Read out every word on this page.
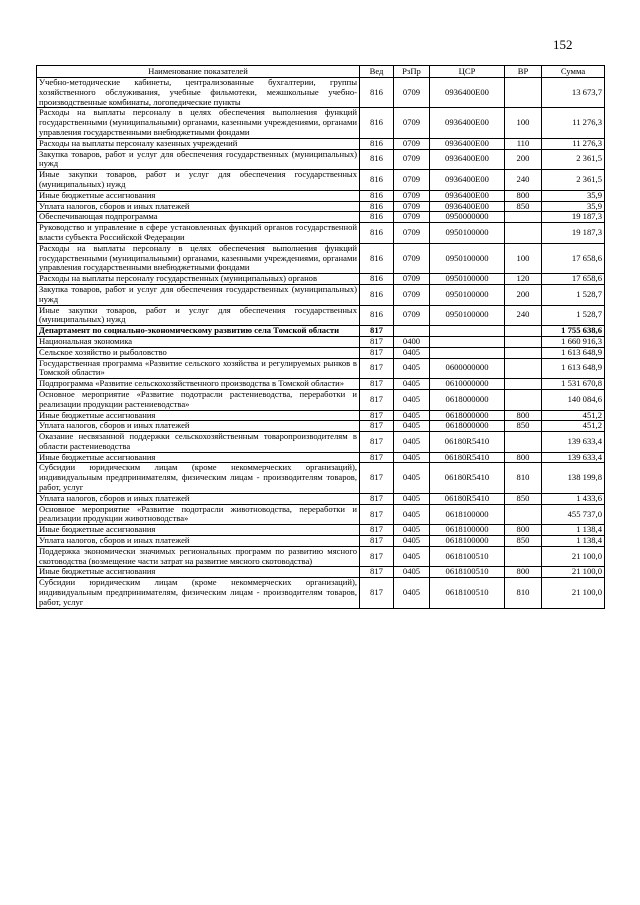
152
Наименование показателей	Вед	РзПр	ЦСР	ВР	Сумма
Учебно-методические кабинеты, централизованные бухгалтерии, группы хозяйственного обслуживания, учебные фильмотеки, межшкольные учебно-производственные комбинаты, логопедические пункты	816	0709	0936400E00		13 673,7
Расходы на выплаты персоналу в целях обеспечения выполнения функций государственными (муниципальными) органами, казенными учреждениями, органами управления государственными внебюджетными фондами	816	0709	0936400E00	100	11 276,3
Расходы на выплаты персоналу казенных учреждений	816	0709	0936400E00	110	11 276,3
Закупка товаров, работ и услуг для обеспечения государственных (муниципальных) нужд	816	0709	0936400E00	200	2 361,5
Иные закупки товаров, работ и услуг для обеспечения государственных (муниципальных) нужд	816	0709	0936400E00	240	2 361,5
Иные бюджетные ассигнования	816	0709	0936400E00	800	35,9
Уплата налогов, сборов и иных платежей	816	0709	0936400E00	850	35,9
Обеспечивающая подпрограмма	816	0709	0950000000		19 187,3
Руководство и управление в сфере установленных функций органов государственной власти субъекта Российской Федерации	816	0709	0950100000		19 187,3
Расходы на выплаты персоналу в целях обеспечения выполнения функций государственными (муниципальными) органами, казенными учреждениями, органами управления государственными внебюджетными фондами	816	0709	0950100000	100	17 658,6
Расходы на выплаты персоналу государственных (муниципальных) органов	816	0709	0950100000	120	17 658,6
Закупка товаров, работ и услуг для обеспечения государственных (муниципальных) нужд	816	0709	0950100000	200	1 528,7
Иные закупки товаров, работ и услуг для обеспечения государственных (муниципальных) нужд	816	0709	0950100000	240	1 528,7
Департамент по социально-экономическому развитию села Томской области	817				1 755 638,6
Национальная экономика	817	0400			1 660 916,3
Сельское хозяйство и рыболовство	817	0405			1 613 648,9
Государственная программа «Развитие сельского хозяйства и регулируемых рынков в Томской области»	817	0405	0600000000		1 613 648,9
Подпрограмма «Развитие сельскохозяйственного производства в Томской области»	817	0405	0610000000		1 531 670,8
Основное мероприятие «Развитие подотрасли растениеводства, переработки и реализации продукции растениеводства»	817	0405	0618000000		140 084,6
Иные бюджетные ассигнования	817	0405	0618000000	800	451,2
Уплата налогов, сборов и иных платежей	817	0405	0618000000	850	451,2
Оказание несвязанной поддержки сельскохозяйственным товаропроизводителям в области растениеводства	817	0405	06180R5410		139 633,4
Иные бюджетные ассигнования	817	0405	06180R5410	800	139 633,4
Субсидии юридическим лицам (кроме некоммерческих организаций), индивидуальным предпринимателям, физическим лицам - производителям товаров, работ, услуг	817	0405	06180R5410	810	138 199,8
Уплата налогов, сборов и иных платежей	817	0405	06180R5410	850	1 433,6
Основное мероприятие «Развитие подотрасли животноводства, переработки и реализации продукции животноводства»	817	0405	0618100000		455 737,0
Иные бюджетные ассигнования	817	0405	0618100000	800	1 138,4
Уплата налогов, сборов и иных платежей	817	0405	0618100000	850	1 138,4
Поддержка экономически значимых региональных программ по развитию мясного скотоводства (возмещение части затрат на развитие мясного скотоводства)	817	0405	0618100510		21 100,0
Иные бюджетные ассигнования	817	0405	0618100510	800	21 100,0
Субсидии юридическим лицам (кроме некоммерческих организаций), индивидуальным предпринимателям, физическим лицам - производителям товаров, работ, услуг	817	0405	0618100510	810	21 100,0
